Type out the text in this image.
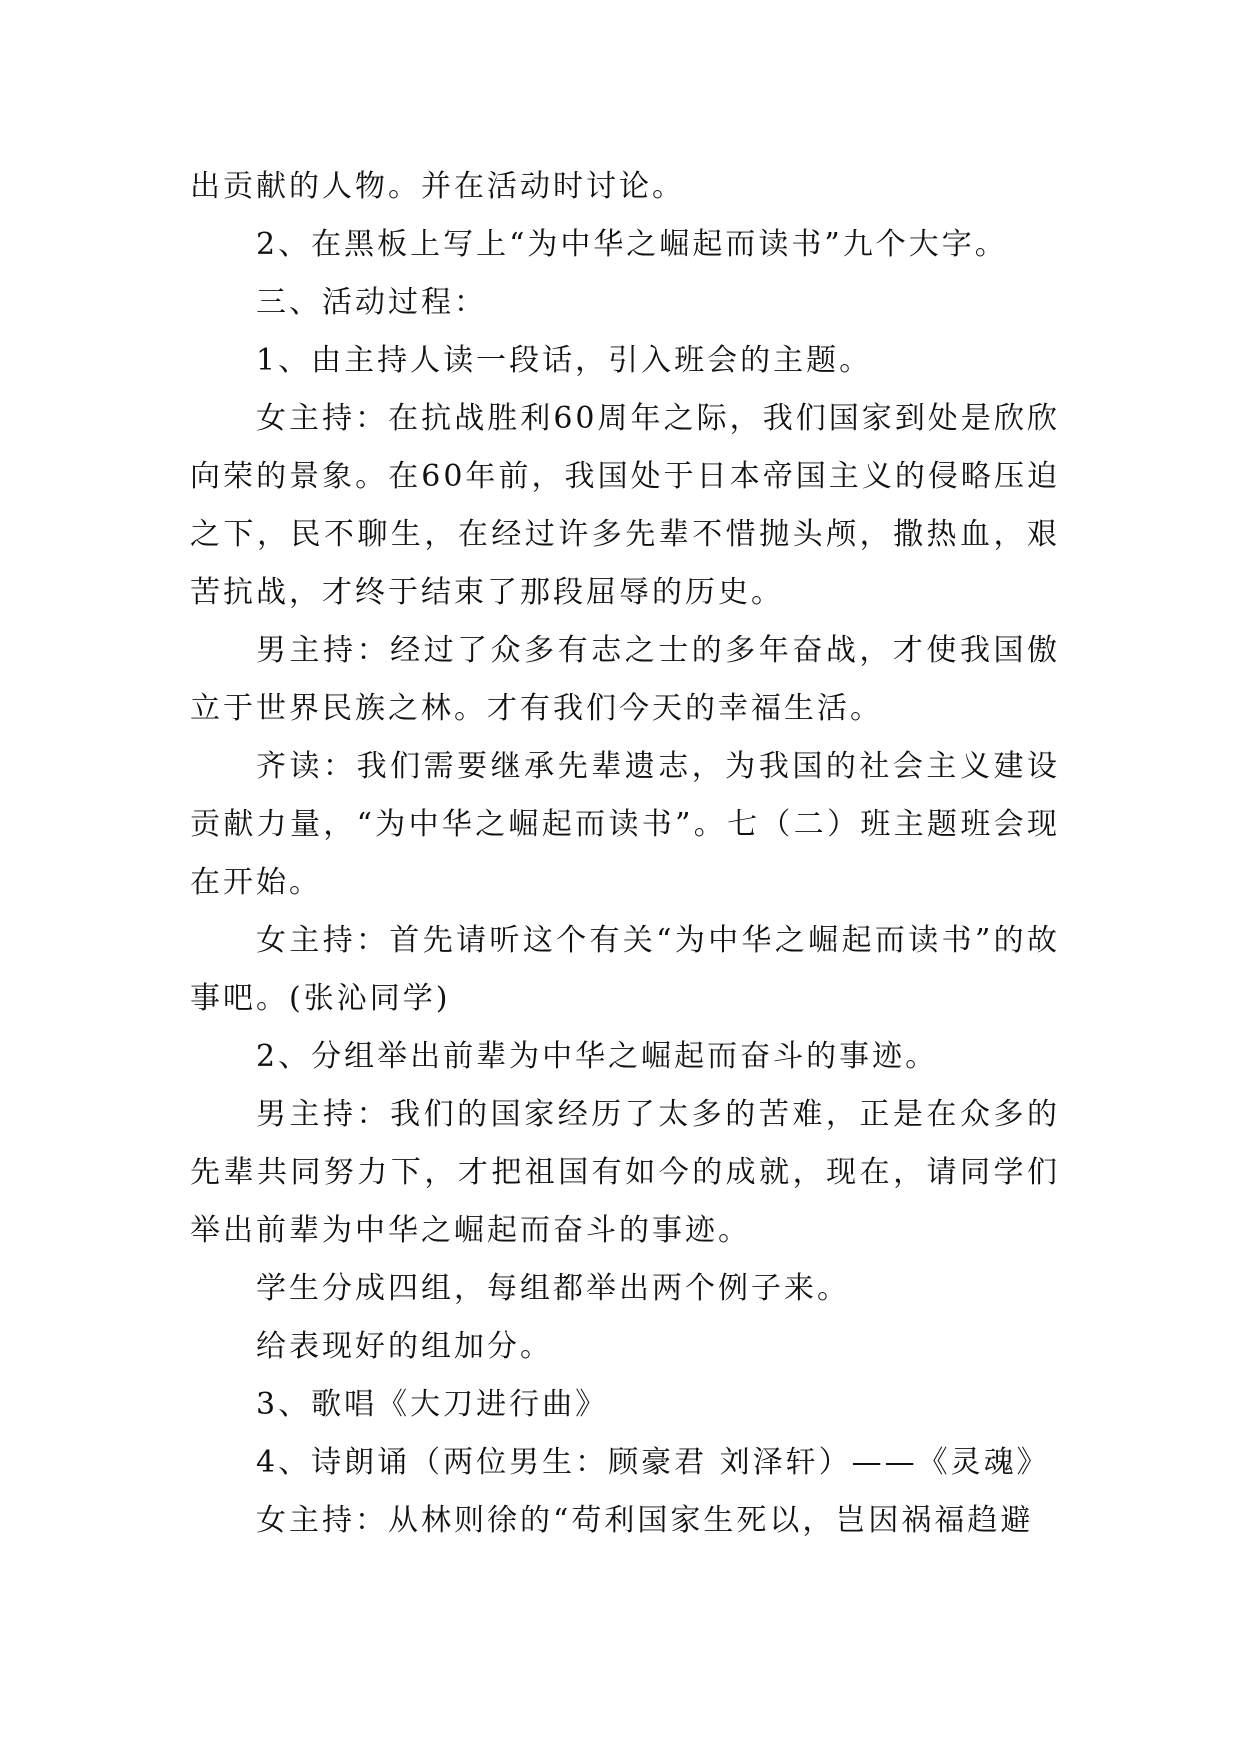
出贡献的人物。并在活动时讨论。

2、在黑板上写上“为中华之崛起而读书”九个大字。

三、活动过程：

1、由主持人读一段话，引入班会的主题。

女主持：在抗战胜利60周年之际，我们国家到处是欣欣向荣的景象。在60年前，我国处于日本帝国主义的侵略压迫之下，民不聊生，在经过许多先辈不惜抛头颅，撒热血，艰苦抗战，才终于结束了那段屈辱的历史。

男主持：经过了众多有志之士的多年奋战，才使我国傲立于世界民族之林。才有我们今天的幸福生活。

齐读：我们需要继承先辈遗志，为我国的社会主义建设贡献力量，“为中华之崛起而读书”。七（二）班主题班会现在开始。

女主持：首先请听这个有关“为中华之崛起而读书”的故事吧。(张沁同学)

2、分组举出前辈为中华之崛起而奋斗的事迹。

男主持：我们的国家经历了太多的苦难，正是在众多的先辈共同努力下，才把祖国有如今的成就，现在，请同学们举出前辈为中华之崛起而奋斗的事迹。

学生分成四组，每组都举出两个例子来。

给表现好的组加分。

3、歌唱《大刀进行曲》

4、诗朗诵（两位男生：顾豪君 刘泽轩）——《灵魂》

女主持：从林则徐的“苟利国家生死以，岂因祸福趋避
